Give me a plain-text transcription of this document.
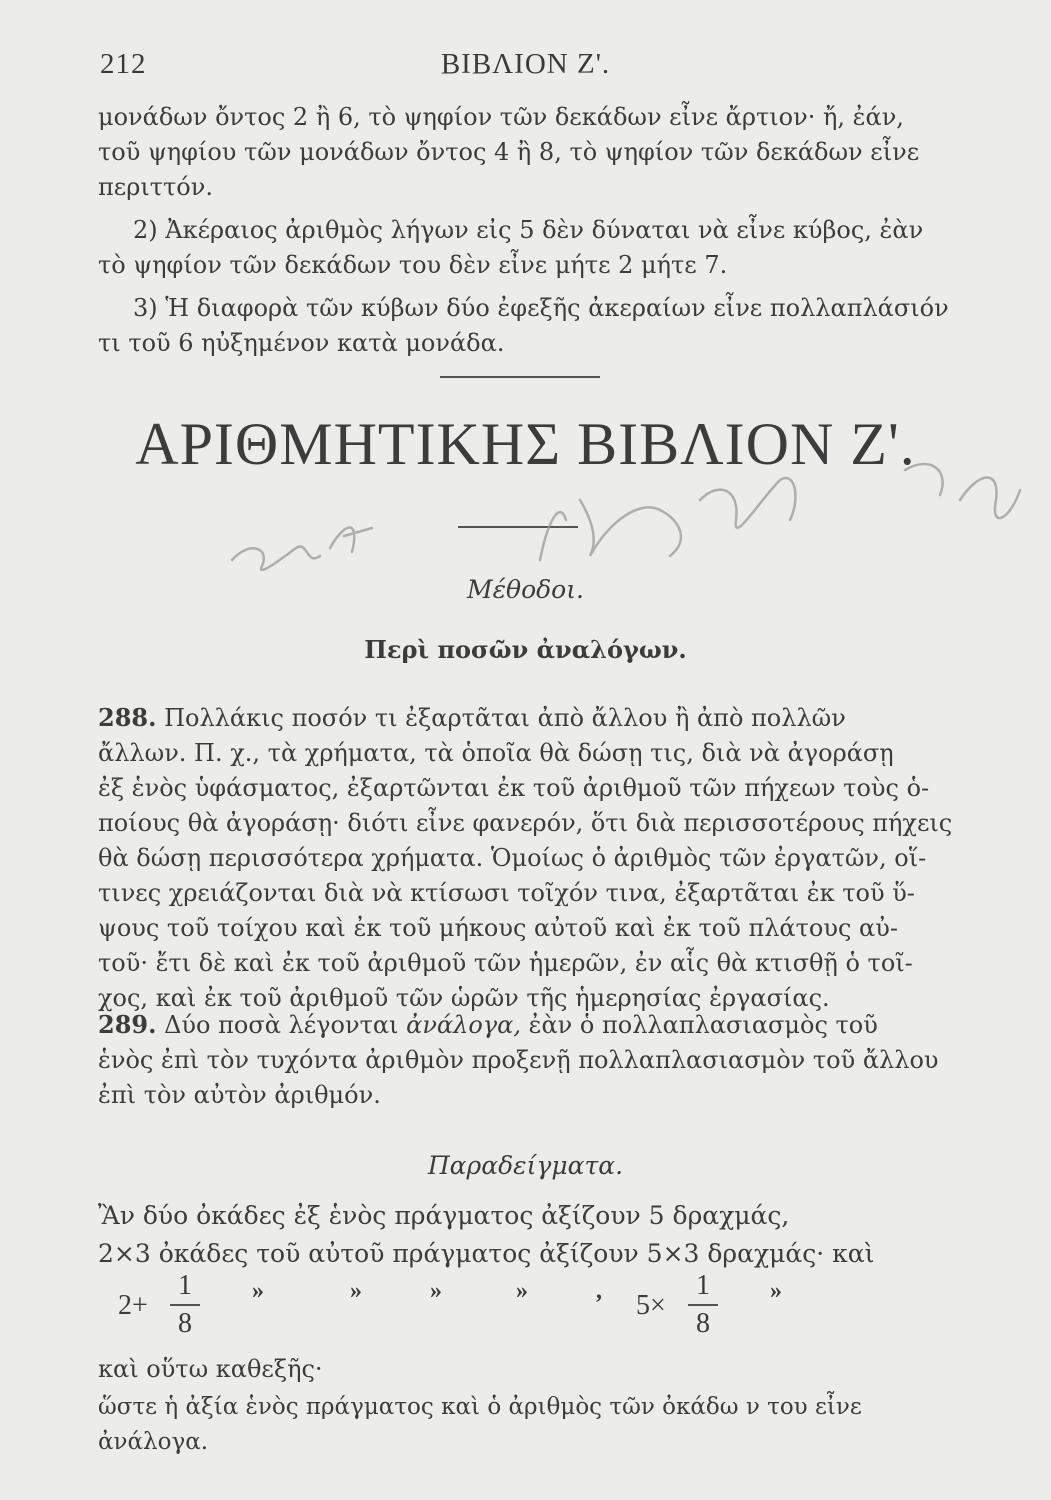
212	ΒΙΒΛΙΟΝ Ζ'.
μονάδων ὄντος 2 ἢ 6, τὸ ψηφίον τῶν δεκάδων εἶνε ἄρτιον· ἤ, ἐάν,
τοῦ ψηφίου τῶν μονάδων ὄντος 4 ἢ 8, τὸ ψηφίον τῶν δεκάδων εἶνε
περιττόν.
2) Ἀκέραιος ἀριθμὸς λήγων εἰς 5 δὲν δύναται νὰ εἶνε κύβος, ἐὰν
τὸ ψηφίον τῶν δεκάδων του δὲν εἶνε μήτε 2 μήτε 7.
3) Ἡ διαφορὰ τῶν κύβων δύο ἐφεξῆς ἀκεραίων εἶνε πολλαπλάσιόν
τι τοῦ 6 ηὐξημένον κατὰ μονάδα.
ΑΡΙΘΜΗΤΙΚΗΣ ΒΙΒΛΙΟΝ Ζ'.
Μέθοδοι.
Περὶ ποσῶν ἀναλόγων.
288. Πολλάκις ποσόν τι ἐξαρτᾶται ἀπὸ ἄλλου ἢ ἀπὸ πολλῶν
ἄλλων. Π. χ., τὰ χρήματα, τὰ ὁποῖα θὰ δώσῃ τις, διὰ νὰ ἀγοράσῃ
ἐξ ἑνὸς ὑφάσματος, ἐξαρτῶνται ἐκ τοῦ ἀριθμοῦ τῶν πήχεων τοὺς ὁ-
ποίους θὰ ἀγοράσῃ· διότι εἶνε φανερόν, ὅτι διὰ περισσοτέρους πήχεις
θὰ δώσῃ περισσότερα χρήματα. Ὁμοίως ὁ ἀριθμὸς τῶν ἐργατῶν, οἵ-
τινες χρειάζονται διὰ νὰ κτίσωσι τοῖχόν τινα, ἐξαρτᾶται ἐκ τοῦ ὕ-
ψους τοῦ τοίχου καὶ ἐκ τοῦ μήκους αὐτοῦ καὶ ἐκ τοῦ πλάτους αὐ-
τοῦ· ἔτι δὲ καὶ ἐκ τοῦ ἀριθμοῦ τῶν ἡμερῶν, ἐν αἷς θὰ κτισθῇ ὁ τοῖ-
χος, καὶ ἐκ τοῦ ἀριθμοῦ τῶν ὡρῶν τῆς ἡμερησίας ἐργασίας.
289. Δύο ποσὰ λέγονται ἀνάλογα, ἐὰν ὁ πολλαπλασιασμὸς τοῦ
ἑνὸς ἐπὶ τὸν τυχόντα ἀριθμὸν προξενῇ πολλαπλασιασμὸν τοῦ ἄλλου
ἐπὶ τὸν αὐτὸν ἀριθμόν.
Παραδείγματα.
Ἂν δύο ὀκάδες ἐξ ἑνὸς πράγματος ἀξίζουν 5 δραχμάς,
2×3 ὀκάδες τοῦ αὐτοῦ πράγματος ἀξίζουν 5×3 δραχμάς· καὶ
2+
1
8
»	»	»	»	, 5×
1
8
»
καὶ οὕτω καθεξῆς·
ὥστε ἡ ἀξία ἑνὸς πράγματος καὶ ὁ ἀριθμὸς τῶν ὀκάδω ν του εἶνε ἀνάλογα.
